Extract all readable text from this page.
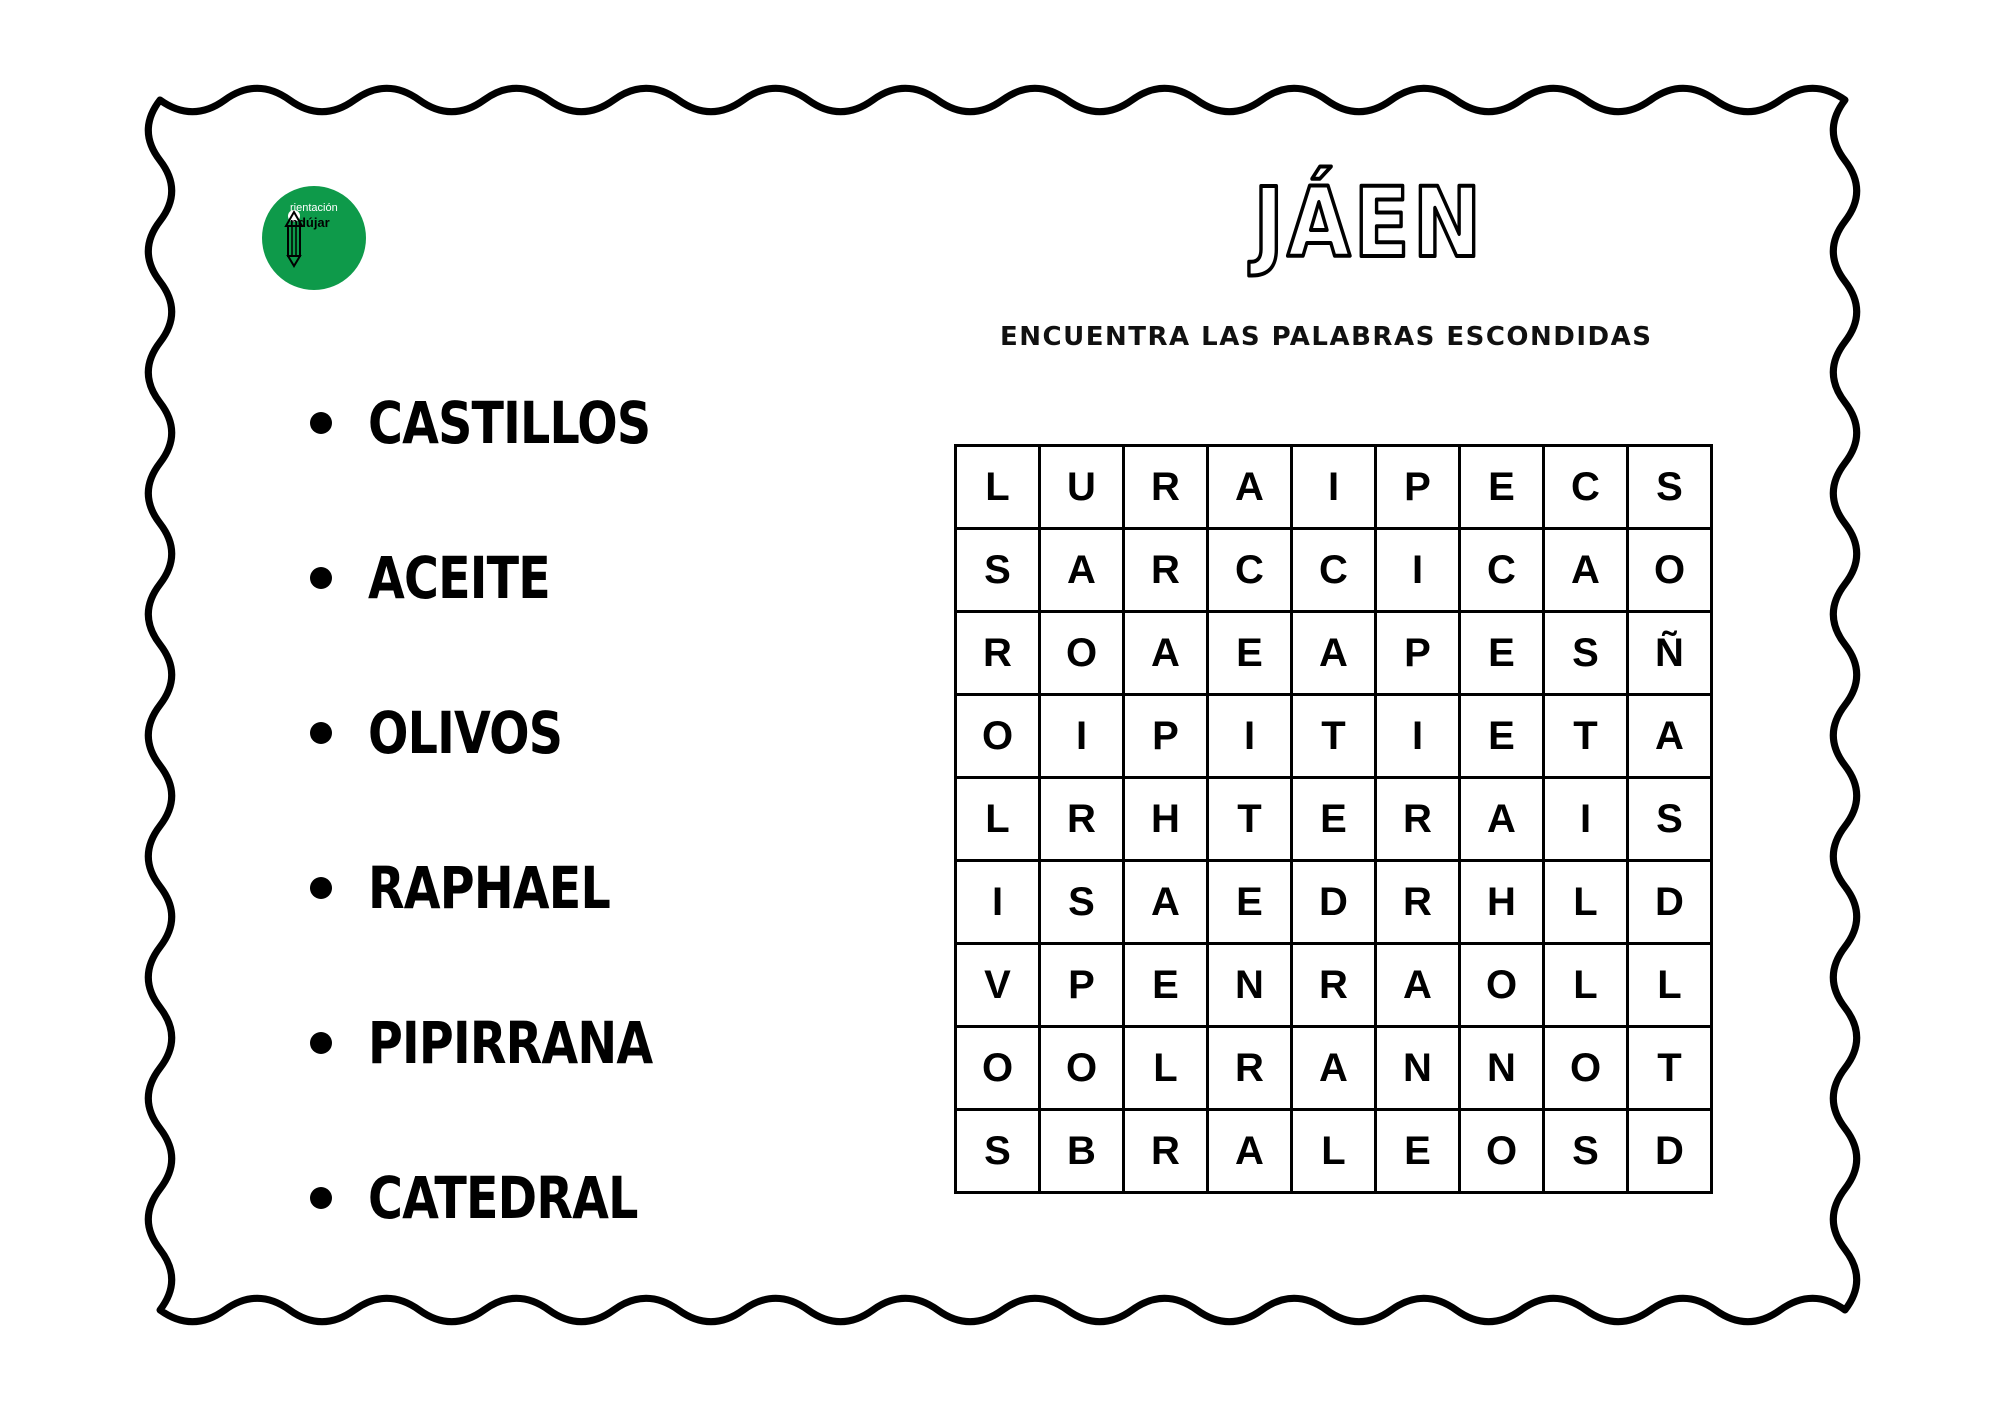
rientación
ndújar	JÁEN
ENCUENTRA LAS PALABRAS ESCONDIDAS
CASTILLOS
ACEITE
OLIVOS
RAPHAEL
PIPIRRANA
CATEDRAL
L	U	R	A	I	P	E	C	S
S	A	R	C	C	I	C	A	O
R	O	A	E	A	P	E	S	Ñ
O	I	P	I	T	I	E	T	A
L	R	H	T	E	R	A	I	S
I	S	A	E	D	R	H	L	D
V	P	E	N	R	A	O	L	L
O	O	L	R	A	N	N	O	T
S	B	R	A	L	E	O	S	D
